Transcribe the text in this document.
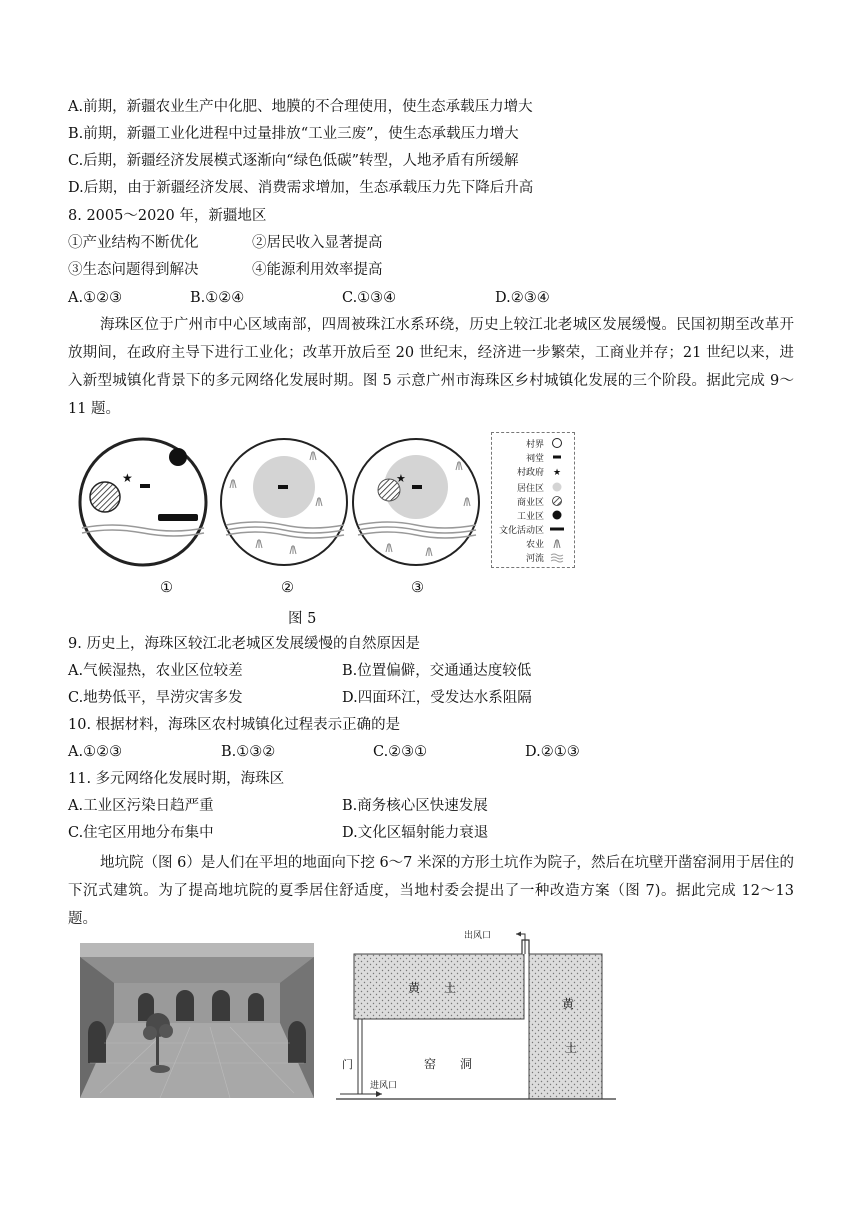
A.前期，新疆农业生产中化肥、地膜的不合理使用，使生态承载压力增大
B.前期，新疆工业化进程中过量排放“工业三废”，使生态承载压力增大
C.后期，新疆经济发展模式逐渐向“绿色低碳”转型，人地矛盾有所缓解
D.后期，由于新疆经济发展、消费需求增加，生态承载压力先下降后升高
8. 2005～2020 年，新疆地区
①产业结构不断优化	②居民收入显著提高
③生态问题得到解决	④能源利用效率提高
A.①②③	B.①②④	C.①③④	D.②③④
海珠区位于广州市中心区域南部，四周被珠江水系环绕，历史上较江北老城区发展缓慢。民国初期至改革开放期间，在政府主导下进行工业化；改革开放后至 20 世纪末，经济进一步繁荣，工商业并存；21 世纪以来，进入新型城镇化背景下的多元网络化发展时期。图 5 示意广州市海珠区乡村城镇化发展的三个阶段。据此完成 9～11 题。
★	★
村界
祠堂
村政府 ★
居住区
商业区
工业区
文化活动区
农业
河流
①	②	③
图 5
9. 历史上，海珠区较江北老城区发展缓慢的自然原因是
A.气候湿热，农业区位较差	B.位置偏僻，交通通达度较低
C.地势低平，旱涝灾害多发	D.四面环江，受发达水系阻隔
10. 根据材料，海珠区农村城镇化过程表示正确的是
A.①②③	B.①③②	C.②③①	D.②①③
11. 多元网络化发展时期，海珠区
A.工业区污染日趋严重	B.商务核心区快速发展
C.住宅区用地分布集中	D.文化区辐射能力衰退
地坑院（图 6）是人们在平坦的地面向下挖 6～7 米深的方形土坑作为院子，然后在坑壁开凿窑洞用于居住的下沉式建筑。为了提高地坑院的夏季居住舒适度，当地村委会提出了一种改造方案（图 7)。据此完成 12～13 题。
出风口
黄　　土
黄
土
窑　　洞
门
进风口
